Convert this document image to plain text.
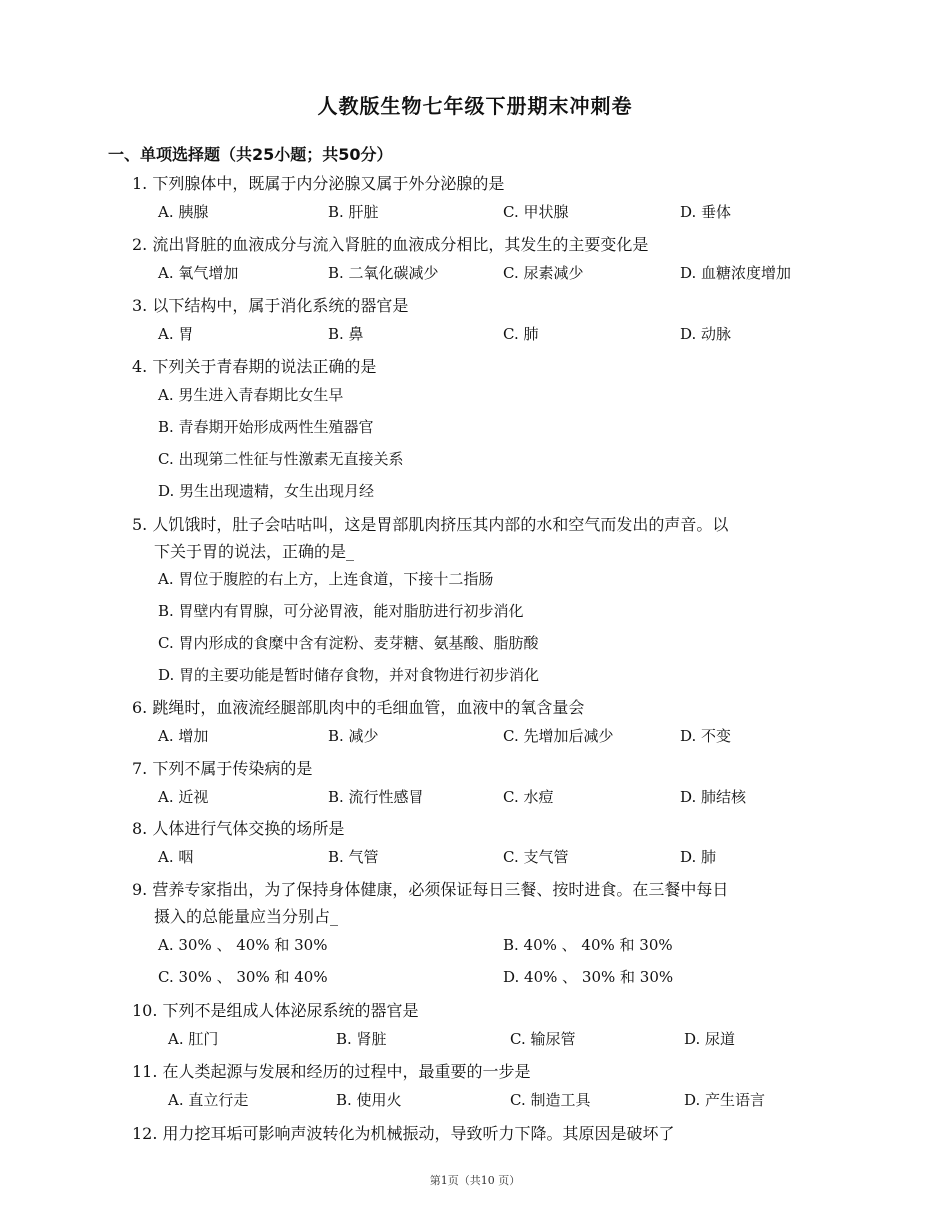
人教版生物七年级下册期末冲刺卷
一、单项选择题（共25小题；共50分）
1. 下列腺体中，既属于内分泌腺又属于外分泌腺的是
A. 胰腺	B. 肝脏	C. 甲状腺	D. 垂体
2. 流出肾脏的血液成分与流入肾脏的血液成分相比，其发生的主要变化是
A. 氧气增加	B. 二氧化碳减少	C. 尿素减少	D. 血糖浓度增加
3. 以下结构中，属于消化系统的器官是
A. 胃	B. 鼻	C. 肺	D. 动脉
4. 下列关于青春期的说法正确的是
A. 男生进入青春期比女生早
B. 青春期开始形成两性生殖器官
C. 出现第二性征与性激素无直接关系
D. 男生出现遗精，女生出现月经
5. 人饥饿时，肚子会咕咕叫，这是胃部肌肉挤压其内部的水和空气而发出的声音。以
下关于胃的说法，正确的是_
A. 胃位于腹腔的右上方，上连食道，下接十二指肠
B. 胃壁内有胃腺，可分泌胃液，能对脂肪进行初步消化
C. 胃内形成的食糜中含有淀粉、麦芽糖、氨基酸、脂肪酸
D. 胃的主要功能是暂时储存食物，并对食物进行初步消化
6. 跳绳时，血液流经腿部肌肉中的毛细血管，血液中的氧含量会
A. 增加	B. 减少	C. 先增加后减少	D. 不变
7. 下列不属于传染病的是
A. 近视	B. 流行性感冒	C. 水痘	D. 肺结核
8. 人体进行气体交换的场所是
A. 咽	B. 气管	C. 支气管	D. 肺
9. 营养专家指出，为了保持身体健康，必须保证每日三餐、按时进食。在三餐中每日
摄入的总能量应当分别占_
A. 30% 、 40% 和 30%	B. 40% 、 40% 和 30%
C. 30% 、 30% 和 40%	D. 40% 、 30% 和 30%
10. 下列不是组成人体泌尿系统的器官是
A. 肛门	B. 肾脏	C. 输尿管	D. 尿道
11. 在人类起源与发展和经历的过程中，最重要的一步是
A. 直立行走	B. 使用火	C. 制造工具	D. 产生语言
12. 用力挖耳垢可影响声波转化为机械振动，导致听力下降。其原因是破坏了
第1页（共10 页）
